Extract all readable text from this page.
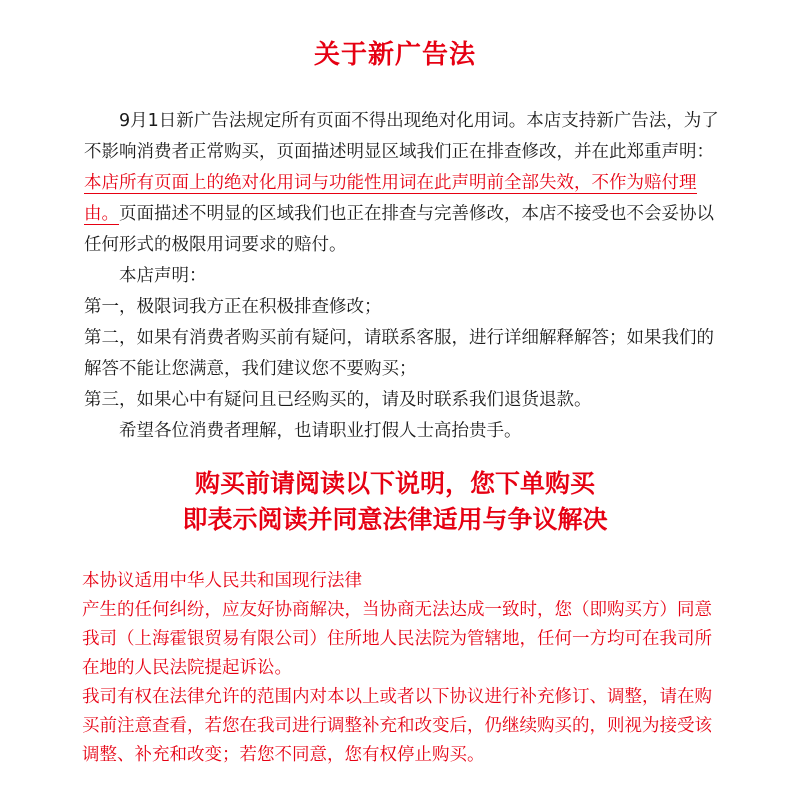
关于新广告法

9月1日新广告法规定所有页面不得出现绝对化用词。本店支持新广告法，为了不影响消费者正常购买，页面描述明显区域我们正在排查修改，并在此郑重声明：本店所有页面上的绝对化用词与功能性用词在此声明前全部失效，不作为赔付理由。页面描述不明显的区域我们也正在排查与完善修改，本店不接受也不会妥协以任何形式的极限用词要求的赔付。

本店声明：

第一，极限词我方正在积极排查修改；

第二，如果有消费者购买前有疑问，请联系客服，进行详细解释解答；如果我们的解答不能让您满意，我们建议您不要购买；

第三，如果心中有疑问且已经购买的，请及时联系我们退货退款。

希望各位消费者理解，也请职业打假人士高抬贵手。

购买前请阅读以下说明，您下单购买
即表示阅读并同意法律适用与争议解决

本协议适用中华人民共和国现行法律

产生的任何纠纷，应友好协商解决，当协商无法达成一致时，您（即购买方）同意我司（上海霍银贸易有限公司）住所地人民法院为管辖地，任何一方均可在我司所在地的人民法院提起诉讼。

我司有权在法律允许的范围内对本以上或者以下协议进行补充修订、调整，请在购买前注意查看，若您在我司进行调整补充和改变后，仍继续购买的，则视为接受该调整、补充和改变；若您不同意，您有权停止购买。
